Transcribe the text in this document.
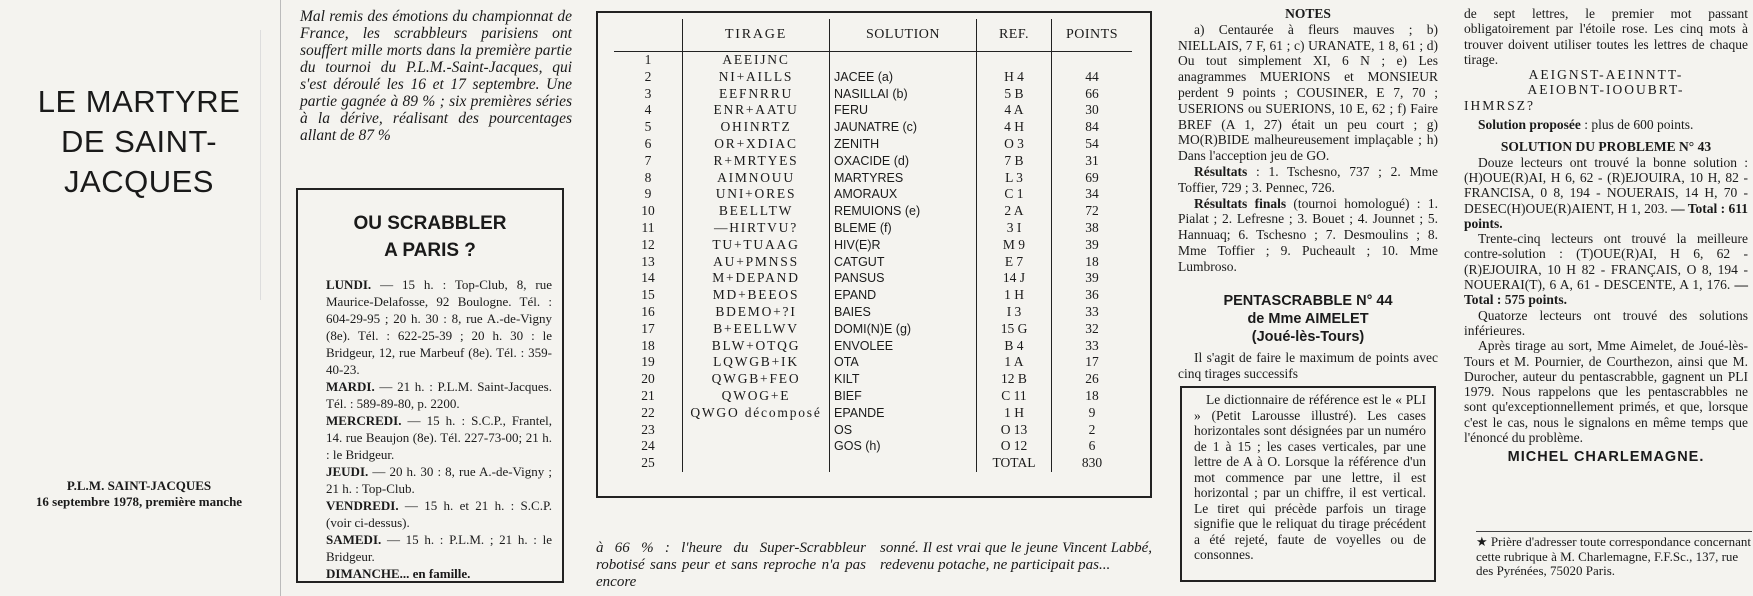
LE MARTYRE DE SAINT-JACQUES
P.L.M. SAINT-JACQUES
16 septembre 1978, première manche
Mal remis des émotions du championnat de France, les scrabbleurs parisiens ont souffert mille morts dans la première partie du tournoi du P.L.M.-Saint-Jacques, qui s'est déroulé les 16 et 17 septembre. Une partie gagnée à 89 % ; six premières séries à la dérive, réalisant des pourcentages allant de 87 %
OU SCRABBLER
A PARIS ?

LUNDI. — 15 h. : Top-Club, 8, rue Maurice-Delafosse, 92 Boulogne. Tél. : 604-29-95 ; 20 h. 30 : 8, rue A.-de-Vigny (8e). Tél. : 622-25-39 ; 20 h. 30 : le Bridgeur, 12, rue Marbeuf (8e). Tél. : 359-40-23.

MARDI. — 21 h. : P.L.M. Saint-Jacques. Tél. : 589-89-80, p. 2200.

MERCREDI. — 15 h. : S.C.P., Frantel, 14. rue Beaujon (8e). Tél. 227-73-00; 21 h. : le Bridgeur.

JEUDI. — 20 h. 30 : 8, rue A.-de-Vigny ; 21 h. : Top-Club.

VENDREDI. — 15 h. et 21 h. : S.C.P. (voir ci-dessus).

SAMEDI. — 15 h. : P.L.M. ; 21 h. : le Bridgeur.

DIMANCHE... en famille.

à 66 % : l'heure du Super-Scrabbleur robotisé sans peur et sans reproche n'a pas encore
sonné. Il est vrai que le jeune Vincent Labbé, redevenu potache, ne participait pas...
	TIRAGE	SOLUTION	REF.	POINTS
1	AEEIJNC			
2	NI+AILLS	JACEE (a)	H 4	44
3	EEFNRRU	NASILLAI (b)	5 B	66
4	ENR+AATU	FERU	4 A	30
5	OHINRTZ	JAUNATRE (c)	4 H	84
6	OR+XDIAC	ZENITH	O 3	54
7	R+MRTYES	OXACIDE (d)	7 B	31
8	AIMNOUU	MARTYRES	L 3	69
9	UNI+ORES	AMORAUX	C 1	34
10	BEELLTW	REMUIONS (e)	2 A	72
11	—HIRTVU?	BLEME (f)	3 I	38
12	TU+TUAAG	HIV(E)R	M 9	39
13	AU+PMNSS	CATGUT	E 7	18
14	M+DEPAND	PANSUS	14 J	39
15	MD+BEEOS	EPAND	1 H	36
16	BDEMO+?I	BAIES	I 3	33
17	B+EELLWV	DOMI(N)E (g)	15 G	32
18	BLW+OTQG	ENVOLEE	B 4	33
19	LQWGB+IK	OTA	1 A	17
20	QWGB+FEO	KILT	12 B	26
21	QWOG+E	BIEF	C 11	18
22	QWGO décomposé	EPANDE	1 H	9
23		OS	O 13	2
24		GOS (h)	O 12	6
25			TOTAL	830
NOTES

a) Centaurée à fleurs mauves ; b) NIELLAIS, 7 F, 61 ; c) URANATE, 1 8, 61 ; d) Ou tout simplement XI, 6 N ; e) Les anagrammes MUERIONS et MONSIEUR perdent 9 points ; COUSINER, E 7, 70 ; USERIONS ou SUERIONS, 10 E, 62 ; f) Faire BREF (A 1, 27) était un peu court ; g) MO(R)BIDE malheureusement implaçable ; h) Dans l'acception jeu de GO.

Résultats : 1. Tschesno, 737 ; 2. Mme Toffier, 729 ; 3. Pennec, 726.

Résultats finals (tournoi homologué) : 1. Pialat ; 2. Lefresne ; 3. Bouet ; 4. Jounnet ; 5. Hannuaq; 6. Tschesno ; 7. Desmoulins ; 8. Mme Toffier ; 9. Pucheault ; 10. Mme Lumbroso.

PENTASCRABBLE N° 44
de Mme AIMELET
(Joué-lès-Tours)
Il s'agit de faire le maximum de points avec cinq tirages successifs
Le dictionnaire de référence est le « PLI » (Petit Larousse illustré). Les cases horizontales sont désignées par un numéro de 1 à 15 ; les cases verticales, par une lettre de A à O. Lorsque la référence d'un mot commence par une lettre, il est horizontal ; par un chiffre, il est vertical. Le tiret qui précède parfois un tirage signifie que le reliquat du tirage précédent a été rejeté, faute de voyelles ou de consonnes.

de sept lettres, le premier mot passant obligatoirement par l'étoile rose. Les cinq mots à trouver doivent utiliser toutes les lettres de chaque tirage.

AEIGNST-AEINNTT-

AEIOBNT-IOOUBRT-

IHMRSZ?

Solution proposée : plus de 600 points.

SOLUTION DU PROBLEME N° 43

Douze lecteurs ont trouvé la bonne solution : (H)OUE(R)AI, H 6, 62 - (R)EJOUIRA, 10 H, 82 - FRANCISA, 0 8, 194 - NOUERAIS, 14 H, 70 - DESEC(H)OUE(R)AIENT, H 1, 203. — Total : 611 points.

Trente-cinq lecteurs ont trouvé la meilleure contre-solution : (T)OUE(R)AI, H 6, 62 - (R)EJOUIRA, 10 H 82 - FRANÇAIS, O 8, 194 - NOUERAI(T), 6 A, 61 - DESCENTE, A 1, 176. — Total : 575 points.

Quatorze lecteurs ont trouvé des solutions inférieures.

Après tirage au sort, Mme Aimelet, de Joué-lès-Tours et M. Pournier, de Courthezon, ainsi que M. Durocher, auteur du pentascrabble, gagnent un PLI 1979. Nous rappelons que les pentascrabbles ne sont qu'exceptionnellement primés, et que, lorsque c'est le cas, nous le signalons en même temps que l'énoncé du problème.

MICHEL CHARLEMAGNE.

★ Prière d'adresser toute correspondance concernant cette rubrique à M. Charlemagne, F.F.Sc., 137, rue des Pyrénées, 75020 Paris.
